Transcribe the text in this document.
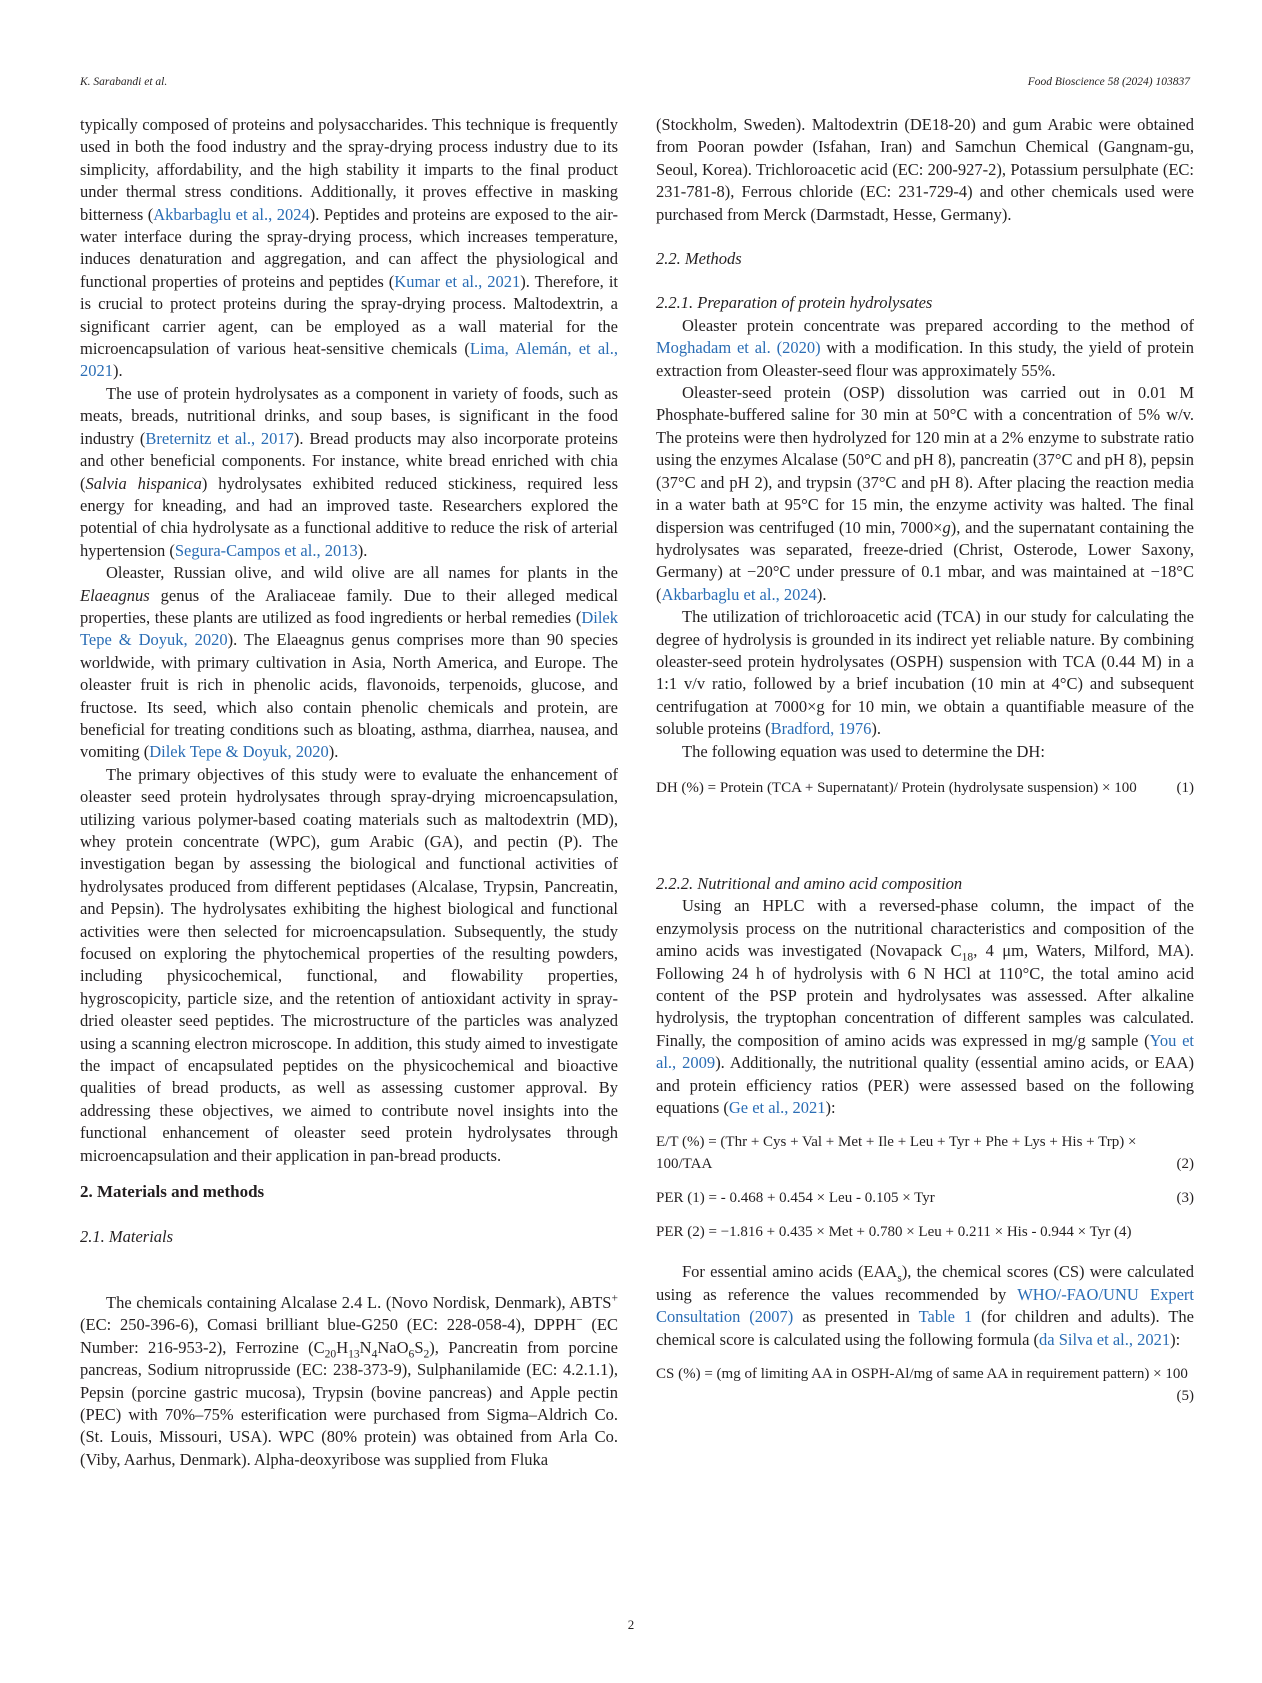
K. Sarabandi et al.	Food Bioscience 58 (2024) 103837

typically composed of proteins and polysaccharides. This technique is frequently used in both the food industry and the spray-drying process industry due to its simplicity, affordability, and the high stability it imparts to the final product under thermal stress conditions. Additionally, it proves effective in masking bitterness (Akbarbaglu et al., 2024). Peptides and proteins are exposed to the air-water interface during the spray-drying process, which increases temperature, induces denaturation and aggregation, and can affect the physiological and functional properties of proteins and peptides (Kumar et al., 2021). Therefore, it is crucial to protect proteins during the spray-drying process. Maltodextrin, a significant carrier agent, can be employed as a wall material for the microencapsulation of various heat-sensitive chemicals (Lima, Alemán, et al., 2021).

The use of protein hydrolysates as a component in variety of foods, such as meats, breads, nutritional drinks, and soup bases, is significant in the food industry (Breternitz et al., 2017). Bread products may also incorporate proteins and other beneficial components. For instance, white bread enriched with chia (Salvia hispanica) hydrolysates exhibited reduced stickiness, required less energy for kneading, and had an improved taste. Researchers explored the potential of chia hydrolysate as a functional additive to reduce the risk of arterial hypertension (Segura-Campos et al., 2013).

Oleaster, Russian olive, and wild olive are all names for plants in the Elaeagnus genus of the Araliaceae family. Due to their alleged medical properties, these plants are utilized as food ingredients or herbal remedies (Dilek Tepe & Doyuk, 2020). The Elaeagnus genus comprises more than 90 species worldwide, with primary cultivation in Asia, North America, and Europe. The oleaster fruit is rich in phenolic acids, flavonoids, terpenoids, glucose, and fructose. Its seed, which also contain phenolic chemicals and protein, are beneficial for treating conditions such as bloating, asthma, diarrhea, nausea, and vomiting (Dilek Tepe & Doyuk, 2020).

The primary objectives of this study were to evaluate the enhancement of oleaster seed protein hydrolysates through spray-drying microencapsulation, utilizing various polymer-based coating materials such as maltodextrin (MD), whey protein concentrate (WPC), gum Arabic (GA), and pectin (P). The investigation began by assessing the biological and functional activities of hydrolysates produced from different peptidases (Alcalase, Trypsin, Pancreatin, and Pepsin). The hydrolysates exhibiting the highest biological and functional activities were then selected for microencapsulation. Subsequently, the study focused on exploring the phytochemical properties of the resulting powders, including physicochemical, functional, and flowability properties, hygroscopicity, particle size, and the retention of antioxidant activity in spray-dried oleaster seed peptides. The microstructure of the particles was analyzed using a scanning electron microscope. In addition, this study aimed to investigate the impact of encapsulated peptides on the physicochemical and bioactive qualities of bread products, as well as assessing customer approval. By addressing these objectives, we aimed to contribute novel insights into the functional enhancement of oleaster seed protein hydrolysates through microencapsulation and their application in pan-bread products.

2. Materials and methods
2.1. Materials

The chemicals containing Alcalase 2.4 L. (Novo Nordisk, Denmark), ABTS+ (EC: 250-396-6), Comasi brilliant blue-G250 (EC: 228-058-4), DPPH− (EC Number: 216-953-2), Ferrozine $(C_{20}H_{13}N_4NaO_6S_2)$, Pancreatin from porcine pancreas, Sodium nitroprusside (EC: 238-373-9), Sulphanilamide (EC: 4.2.1.1), Pepsin (porcine gastric mucosa), Trypsin (bovine pancreas) and Apple pectin (PEC) with 70%–75% esterification were purchased from Sigma–Aldrich Co. (St. Louis, Missouri, USA). WPC (80% protein) was obtained from Arla Co. (Viby, Aarhus, Denmark). Alpha-deoxyribose was supplied from Fluka

(Stockholm, Sweden). Maltodextrin (DE18-20) and gum Arabic were obtained from Pooran powder (Isfahan, Iran) and Samchun Chemical (Gangnam-gu, Seoul, Korea). Trichloroacetic acid (EC: 200-927-2), Potassium persulphate (EC: 231-781-8), Ferrous chloride (EC: 231-729-4) and other chemicals used were purchased from Merck (Darmstadt, Hesse, Germany).

2.2. Methods
2.2.1. Preparation of protein hydrolysates

Oleaster protein concentrate was prepared according to the method of Moghadam et al. (2020) with a modification. In this study, the yield of protein extraction from Oleaster-seed flour was approximately 55%.

Oleaster-seed protein (OSP) dissolution was carried out in 0.01 M Phosphate-buffered saline for 30 min at 50°C with a concentration of 5% w/v. The proteins were then hydrolyzed for 120 min at a 2% enzyme to substrate ratio using the enzymes Alcalase (50°C and pH 8), pancreatin (37°C and pH 8), pepsin (37°C and pH 2), and trypsin (37°C and pH 8). After placing the reaction media in a water bath at 95°C for 15 min, the enzyme activity was halted. The final dispersion was centrifuged (10 min, 7000×g), and the supernatant containing the hydrolysates was separated, freeze-dried (Christ, Osterode, Lower Saxony, Germany) at −20°C under pressure of 0.1 mbar, and was maintained at −18°C (Akbarbaglu et al., 2024).

The utilization of trichloroacetic acid (TCA) in our study for calculating the degree of hydrolysis is grounded in its indirect yet reliable nature. By combining oleaster-seed protein hydrolysates (OSPH) suspension with TCA (0.44 M) in a 1:1 v/v ratio, followed by a brief incubation (10 min at 4°C) and subsequent centrifugation at 7000×g for 10 min, we obtain a quantifiable measure of the soluble proteins (Bradford, 1976).

The following equation was used to determine the DH:

DH (%) = Protein (TCA + Supernatant)/ Protein (hydrolysate suspension) × 100	(1)
2.2.2. Nutritional and amino acid composition

Using an HPLC with a reversed-phase column, the impact of the enzymolysis process on the nutritional characteristics and composition of the amino acids was investigated (Novapack $C_{18}$, 4 μm, Waters, Milford, MA). Following 24 h of hydrolysis with 6 N HCl at 110°C, the total amino acid content of the PSP protein and hydrolysates was assessed. After alkaline hydrolysis, the tryptophan concentration of different samples was calculated. Finally, the composition of amino acids was expressed in mg/g sample (You et al., 2009). Additionally, the nutritional quality (essential amino acids, or EAA) and protein efficiency ratios (PER) were assessed based on the following equations (Ge et al., 2021):

E/T (%) = (Thr + Cys + Val + Met + Ile + Leu + Tyr + Phe + Lys + His + Trp) × 100/TAA	(2)
PER (1) = - 0.468 + 0.454 × Leu - 0.105 × Tyr	(3)
PER (2) = −1.816 + 0.435 × Met + 0.780 × Leu + 0.211 × His - 0.944 × Tyr (4)

For essential amino acids $(EAA_s)$, the chemical scores (CS) were calculated using as reference the values recommended by WHO/-FAO/UNU Expert Consultation (2007) as presented in Table 1 (for children and adults). The chemical score is calculated using the following formula (da Silva et al., 2021):

CS (%) = (mg of limiting AA in OSPH-Al/mg of same AA in requirement pattern) × 100
(5)
2
